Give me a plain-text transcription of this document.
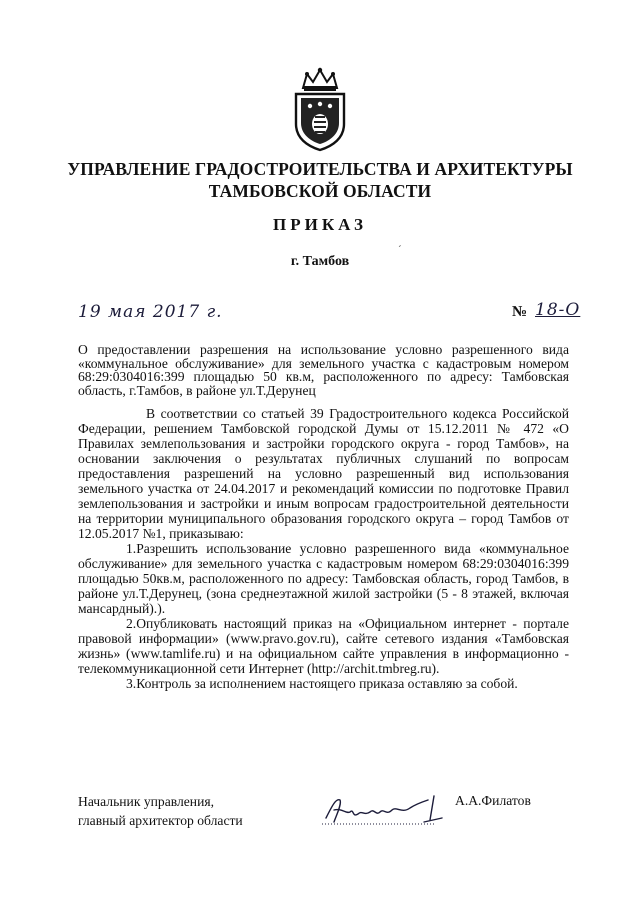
УПРАВЛЕНИЕ ГРАДОСТРОИТЕЛЬСТВА И АРХИТЕКТУРЫ
ТАМБОВСКОЙ ОБЛАСТИ
ПРИКАЗ
ˊ
г. Тамбов
19 мая 2017 г.	№ 18-О
О предоставлении разрешения на использование условно разрешенного вида «коммунальное обслуживание» для земельного участка с кадастровым номером 68:29:0304016:399 площадью 50 кв.м, расположенного по адресу: Тамбовская область, г.Тамбов, в районе ул.Т.Дерунец

В соответствии со статьей 39 Градостроительного кодекса Российской Федерации, решением Тамбовской городской Думы от 15.12.2011 № 472 «О Правилах землепользования и застройки городского округа - город Тамбов», на основании заключения о результатах публичных слушаний по вопросам предоставления разрешений на условно разрешенный вид использования земельного участка от 24.04.2017 и рекомендаций комиссии по подготовке Правил землепользования и застройки и иным вопросам градостроительной деятельности на территории муниципального образования городского округа – город Тамбов от 12.05.2017 №1, приказываю:

1.Разрешить использование условно разрешенного вида «коммунальное обслуживание» для земельного участка с кадастровым номером 68:29:0304016:399 площадью 50кв.м, расположенного по адресу: Тамбовская область, город Тамбов, в районе ул.Т.Дерунец, (зона среднеэтажной жилой застройки (5 - 8 этажей, включая мансардный).).

2.Опубликовать настоящий приказ на «Официальном интернет - портале правовой информации» (www.pravo.gov.ru), сайте сетевого издания «Тамбовская жизнь» (www.tamlife.ru) и на официальном сайте управления в информационно - телекоммуникационной сети Интернет (http://archit.tmbreg.ru).

3.Контроль за исполнением настоящего приказа оставляю за собой.

Начальник управления,
главный архитектор области
А.А.Филатов
